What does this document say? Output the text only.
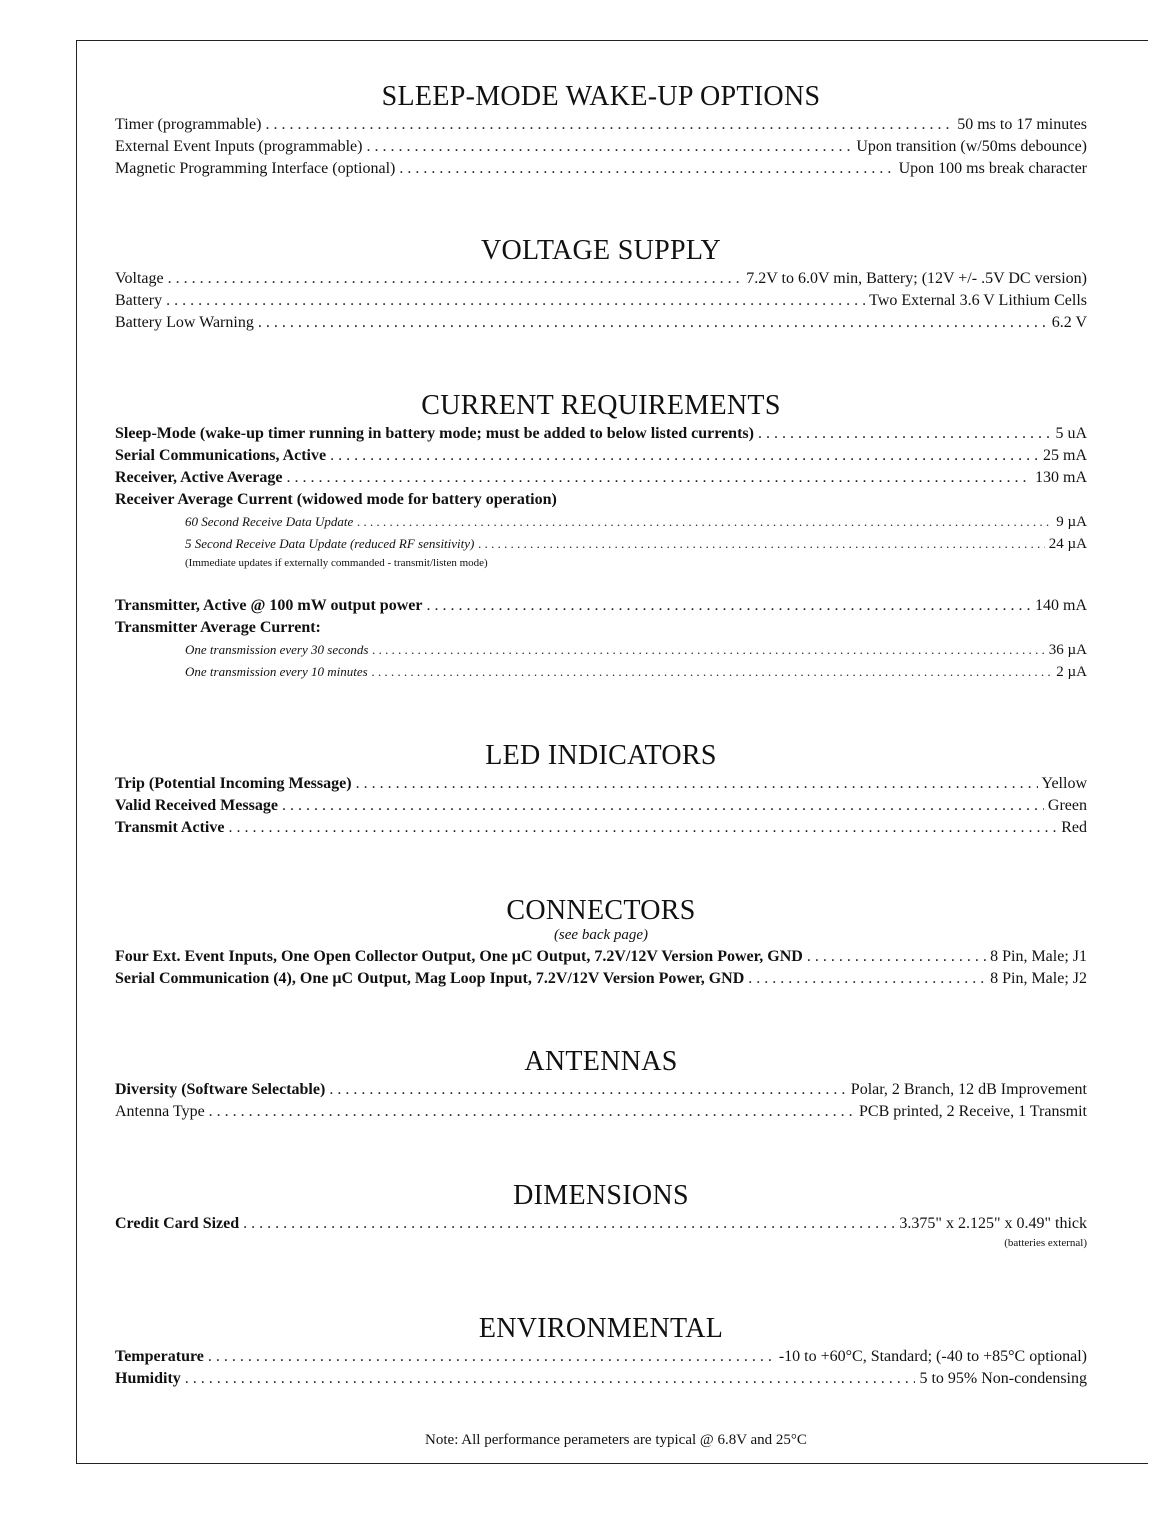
SLEEP-MODE WAKE-UP OPTIONS
Timer (programmable) . . .	50 ms to 17 minutes
External Event Inputs (programmable) . . .	Upon transition (w/50ms debounce)
Magnetic Programming Interface (optional) . . .	Upon 100 ms break character
VOLTAGE SUPPLY
Voltage . . .	7.2V to 6.0V min, Battery; (12V +/- .5V DC version)
Battery . . .	Two External 3.6 V Lithium Cells
Battery Low Warning . . .	6.2 V
CURRENT REQUIREMENTS
Sleep-Mode (wake-up timer running in battery mode; must be added to below listed currents) . . .	5 uA
Serial Communications, Active . . .	25 mA
Receiver, Active Average . . .	130 mA
Receiver Average Current (widowed mode for battery operation)
60 Second Receive Data Update . . .	9 µA
5 Second Receive Data Update (reduced RF sensitivity) . . .	24 µA
(Immediate updates if externally commanded - transmit/listen mode)
Transmitter, Active @ 100 mW output power . . .	140 mA
Transmitter Average Current:
One transmission every 30 seconds . . .	36 µA
One transmission every 10 minutes . . .	2 µA
LED INDICATORS
Trip (Potential Incoming Message) . . .	Yellow
Valid Received Message . . .	Green
Transmit Active . . .	Red
CONNECTORS
(see back page)
Four Ext. Event Inputs, One Open Collector Output, One µC Output, 7.2V/12V Version Power, GND . . .	8 Pin, Male; J1
Serial Communication (4), One µC Output, Mag Loop Input, 7.2V/12V Version Power, GND . . .	8 Pin, Male; J2
ANTENNAS
Diversity (Software Selectable) . . .	Polar, 2 Branch, 12 dB Improvement
Antenna Type . . .	PCB printed, 2 Receive, 1 Transmit
DIMENSIONS
Credit Card Sized . . .	3.375" x 2.125" x 0.49" thick
(batteries external)
ENVIRONMENTAL
Temperature . . .	-10 to +60°C, Standard; (-40 to +85°C optional)
Humidity . . .	5 to 95% Non-condensing
Note: All performance perameters are typical @ 6.8V and 25°C
